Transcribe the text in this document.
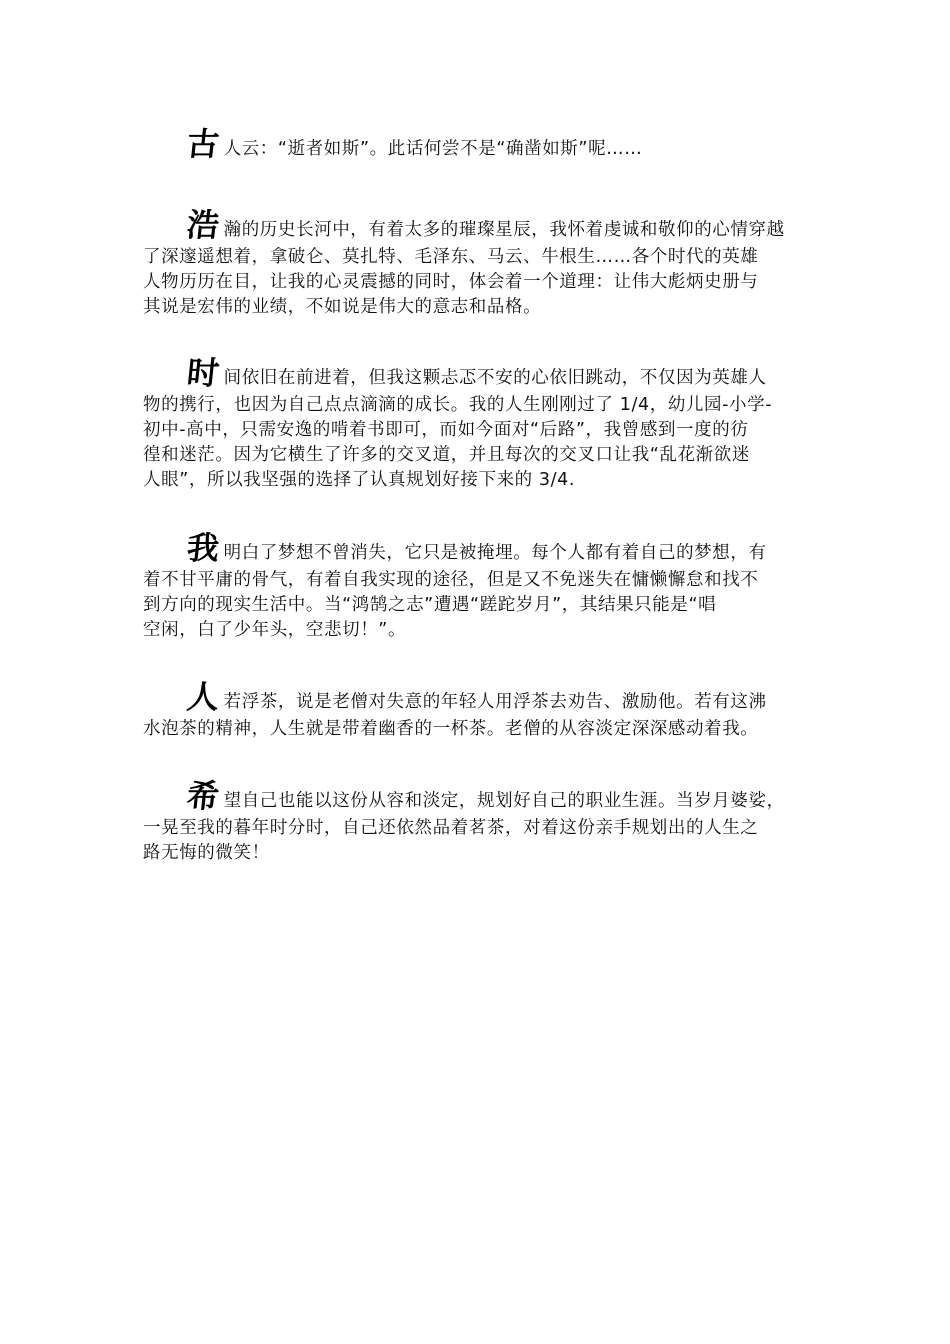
古 人云：“逝者如斯”。此话何尝不是“确凿如斯”呢……
浩 瀚的历史长河中，有着太多的璀璨星辰，我怀着虔诚和敬仰的心情穿越
了深邃遥想着，拿破仑、莫扎特、毛泽东、马云、牛根生……各个时代的英雄
人物历历在目，让我的心灵震撼的同时，体会着一个道理：让伟大彪炳史册与
其说是宏伟的业绩，不如说是伟大的意志和品格。
时 间依旧在前进着，但我这颗忐忑不安的心依旧跳动，不仅因为英雄人
物的携行，也因为自己点点滴滴的成长。我的人生刚刚过了 1/4，幼儿园-小学-
初中-高中，只需安逸的啃着书即可，而如今面对“后路”，我曾感到一度的彷
徨和迷茫。因为它横生了许多的交叉道，并且每次的交叉口让我“乱花渐欲迷
人眼”，所以我坚强的选择了认真规划好接下来的 3/4.
我 明白了梦想不曾消失，它只是被掩埋。每个人都有着自己的梦想，有
着不甘平庸的骨气，有着自我实现的途径，但是又不免迷失在慵懒懈怠和找不
到方向的现实生活中。当“鸿鹄之志”遭遇“蹉跎岁月”，其结果只能是“唱
空闲，白了少年头，空悲切！”。
人 若浮茶，说是老僧对失意的年轻人用浮茶去劝告、激励他。若有这沸
水泡茶的精神，人生就是带着幽香的一杯茶。老僧的从容淡定深深感动着我。
希 望自己也能以这份从容和淡定，规划好自己的职业生涯。当岁月婆娑，
一晃至我的暮年时分时，自己还依然品着茗茶，对着这份亲手规划出的人生之
路无悔的微笑！
